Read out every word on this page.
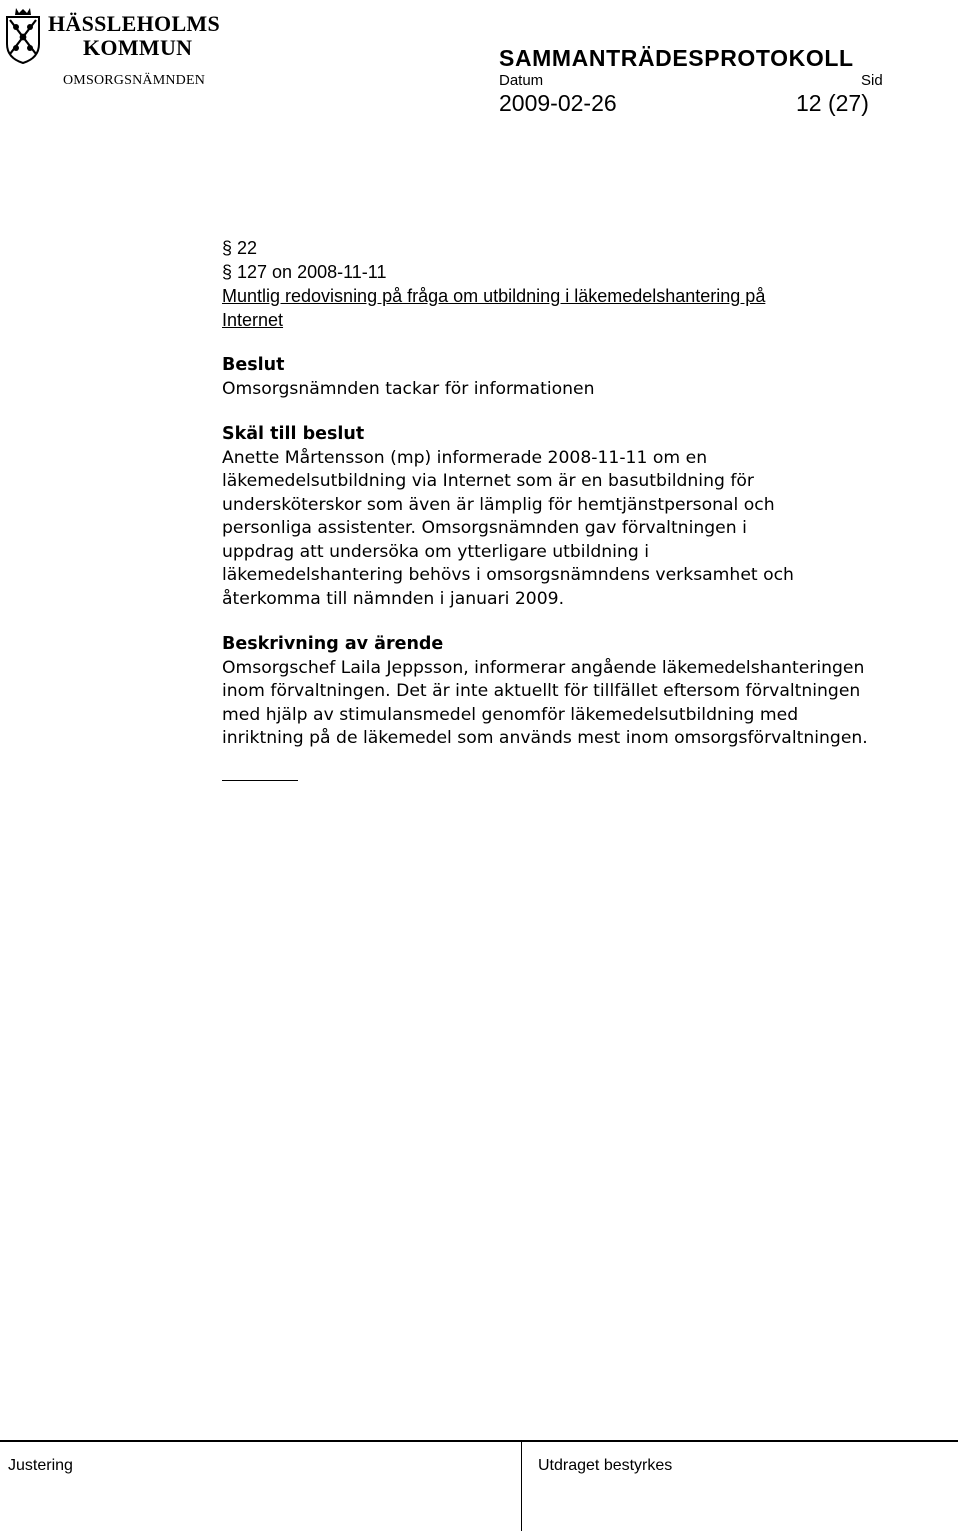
HÄSSLEHOLMS
KOMMUN
OMSORGSNÄMNDEN
SAMMANTRÄDESPROTOKOLL
Datum	Sid
2009-02-26	12 (27)

§ 22

§ 127 on 2008-11-11

Muntlig redovisning på fråga om utbildning i läkemedelshantering på

Internet

Beslut

Omsorgsnämnden tackar för informationen

Skäl till beslut

Anette Mårtensson (mp) informerade 2008-11-11 om en

läkemedelsutbildning via Internet som är en basutbildning för

undersköterskor som även är lämplig för hemtjänstpersonal och

personliga assistenter. Omsorgsnämnden gav förvaltningen i

uppdrag att undersöka om ytterligare utbildning i

läkemedelshantering behövs i omsorgsnämndens verksamhet och

återkomma till nämnden i januari 2009.

Beskrivning av ärende

Omsorgschef Laila Jeppsson, informerar angående läkemedelshanteringen

inom förvaltningen. Det är inte aktuellt för tillfället eftersom förvaltningen

med hjälp av stimulansmedel genomför läkemedelsutbildning med

inriktning på de läkemedel som används mest inom omsorgsförvaltningen.

Justering	Utdraget bestyrkes
